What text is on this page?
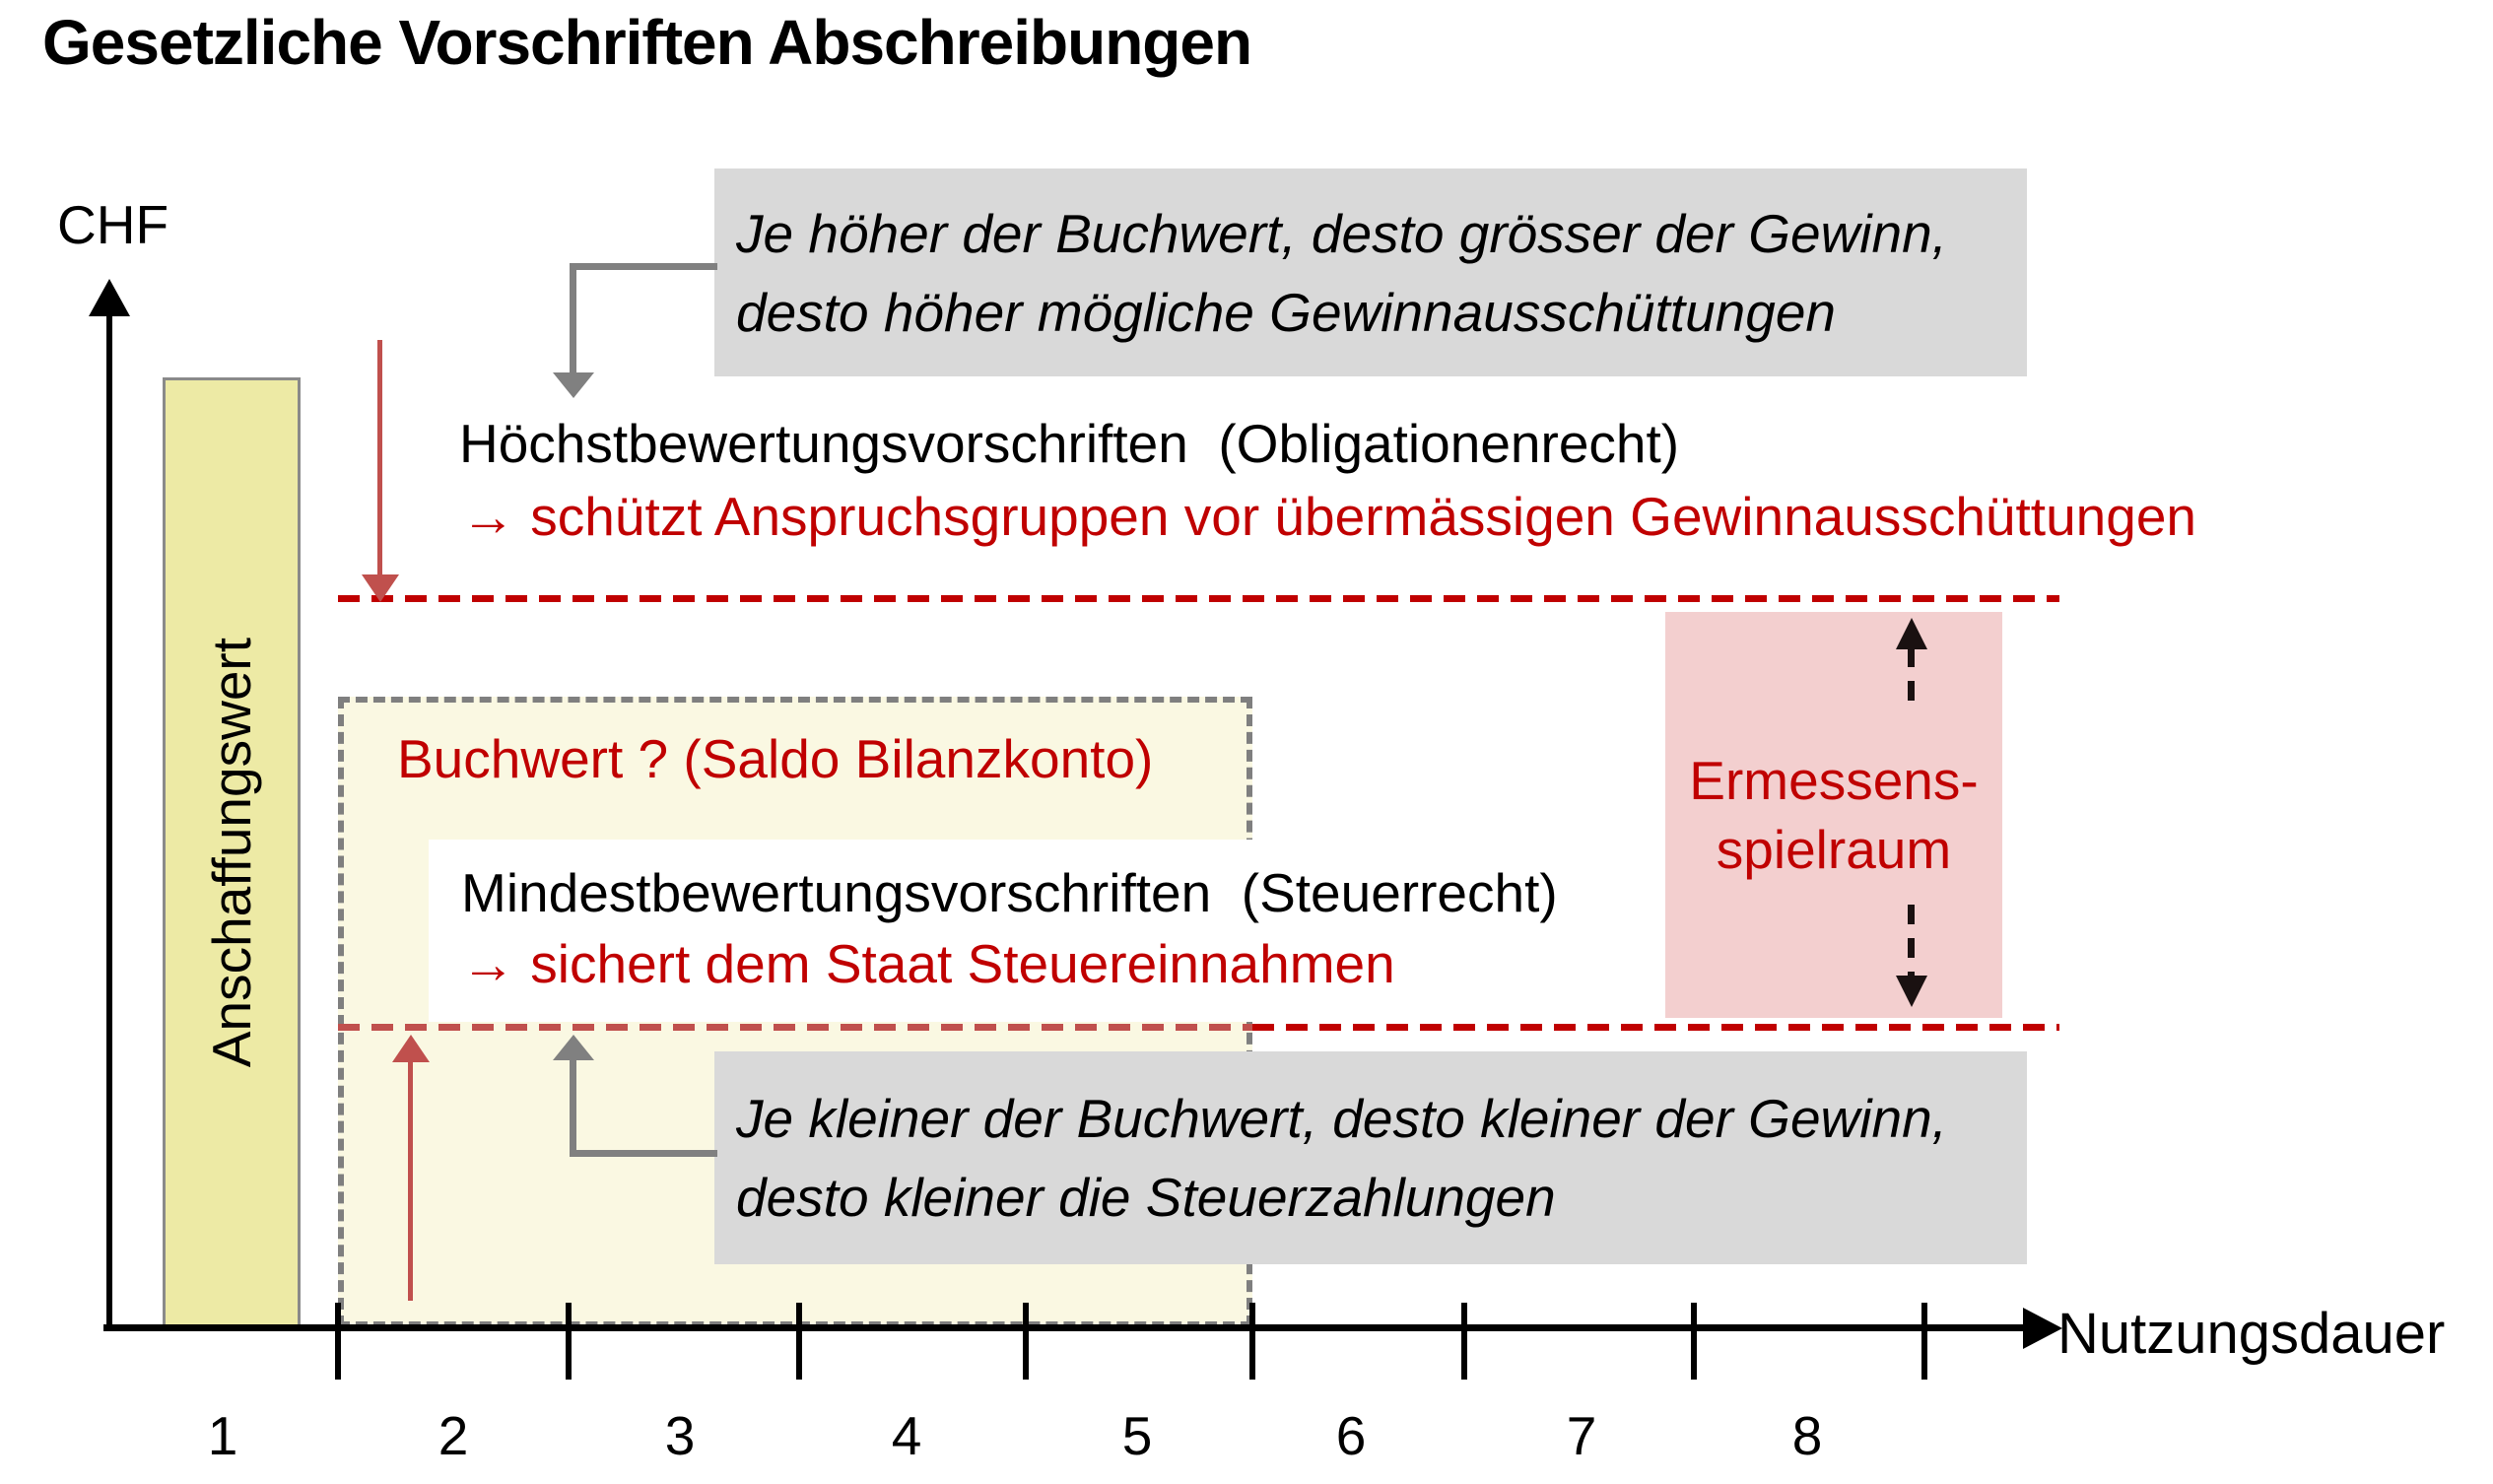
Gesetzliche Vorschriften Abschreibungen
CHF
Nutzungsdauer
Je höher der Buchwert, desto grösser der Gewinn,
desto höher mögliche Gewinnausschüttungen
Je kleiner der Buchwert, desto kleiner der Gewinn,
desto kleiner die Steuerzahlungen
Ermessens-
spielraum
Anschaffungswert
1	2	3	4	5	6	7	8
Höchstbewertungsvorschriften  (Obligationenrecht)
→ schützt Anspruchsgruppen vor übermässigen Gewinnausschüttungen
Buchwert ? (Saldo Bilanzkonto)
Mindestbewertungsvorschriften  (Steuerrecht)
→ sichert dem Staat Steuereinnahmen
